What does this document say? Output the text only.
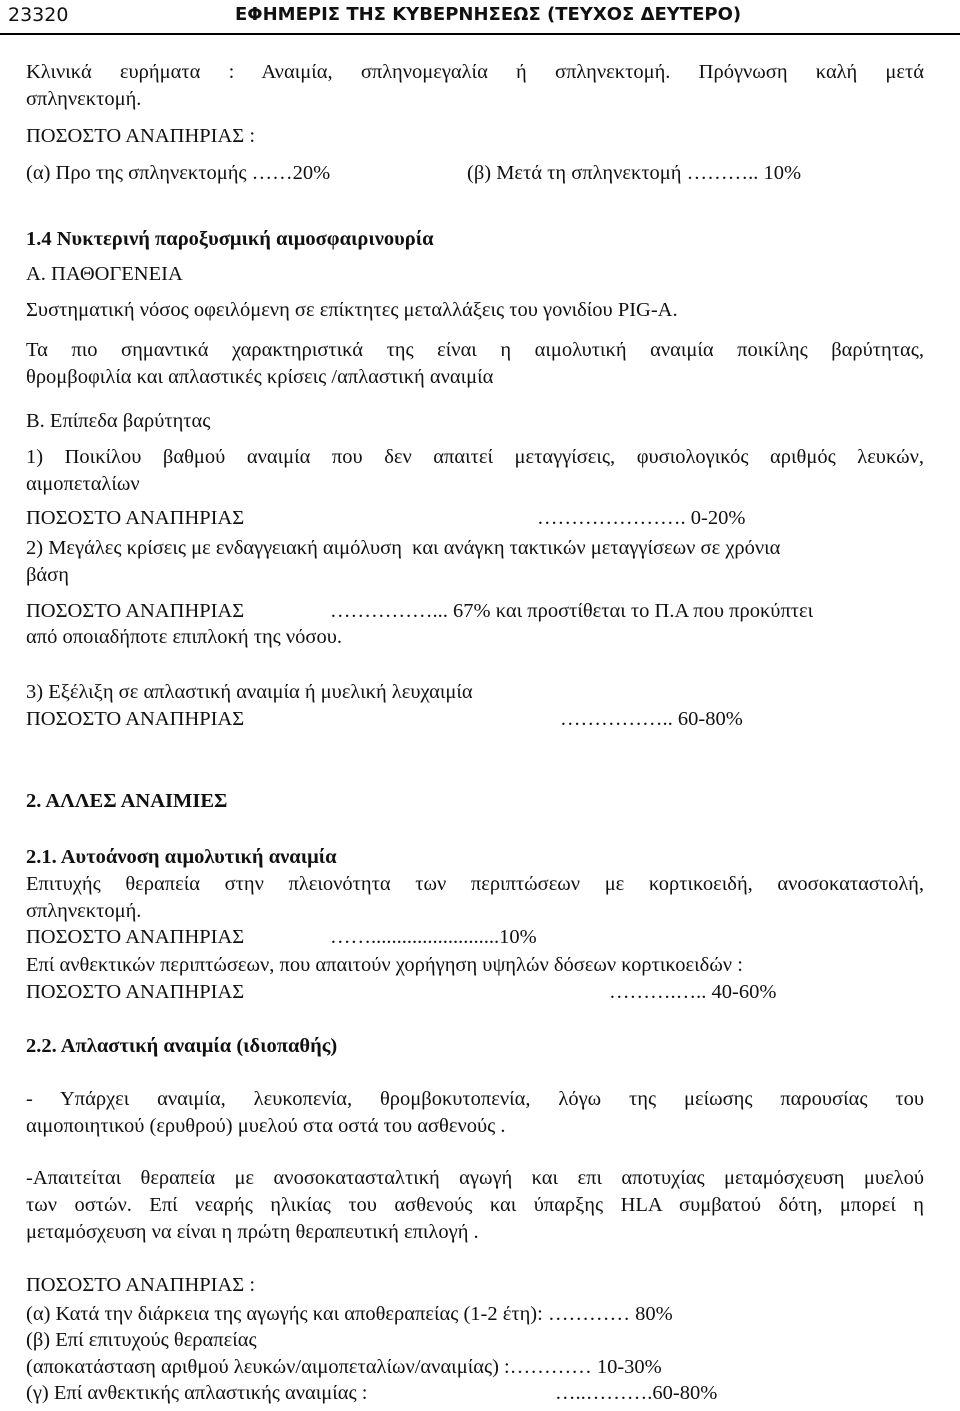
23320	ΕΦΗΜΕΡΙΣ ΤΗΣ ΚΥΒΕΡΝΗΣΕΩΣ (ΤΕΥΧΟΣ ΔΕΥΤΕΡΟ)
Κλινικά ευρήματα : Αναιμία, σπληνομεγαλία ή σπληνεκτομή. Πρόγνωση καλή μετά
σπληνεκτομή.
ΠΟΣΟΣΤΟ ΑΝΑΠΗΡΙΑΣ :
(α) Προ της σπληνεκτομής ……20%	(β) Μετά τη σπληνεκτομή ……….. 10%
1.4 Νυκτερινή παροξυσμική αιμοσφαιρινουρία
Α. ΠΑΘΟΓΕΝΕΙΑ
Συστηματική νόσος οφειλόμενη σε επίκτητες μεταλλάξεις του γονιδίου PIG-A.
Τα πιο σημαντικά χαρακτηριστικά της είναι η αιμολυτική αναιμία ποικίλης βαρύτητας,
θρομβοφιλία και απλαστικές κρίσεις /απλαστική αναιμία
Β. Επίπεδα βαρύτητας
1) Ποικίλου βαθμού αναιμία που δεν απαιτεί μεταγγίσεις, φυσιολογικός αριθμός λευκών,
αιμοπεταλίων
ΠΟΣΟΣΤΟ ΑΝΑΠΗΡΙΑΣ	…………………. 0-20%
2) Μεγάλες κρίσεις με ενδαγγειακή αιμόλυση  και ανάγκη τακτικών μεταγγίσεων σε χρόνια
βάση
ΠΟΣΟΣΤΟ ΑΝΑΠΗΡΙΑΣ	……………... 67% και προστίθεται το Π.Α που προκύπτει
από οποιαδήποτε επιπλοκή της νόσου.
3) Εξέλιξη σε απλαστική αναιμία ή μυελική λευχαιμία
ΠΟΣΟΣΤΟ ΑΝΑΠΗΡΙΑΣ	…………….. 60-80%
2. ΑΛΛΕΣ ΑΝΑΙΜΙΕΣ
2.1. Αυτοάνοση αιμολυτική αναιμία
Επιτυχής θεραπεία στην πλειονότητα των περιπτώσεων με κορτικοειδή, ανοσοκαταστολή,
σπληνεκτομή.
ΠΟΣΟΣΤΟ ΑΝΑΠΗΡΙΑΣ	…….........................10%
Επί ανθεκτικών περιπτώσεων, που απαιτούν χορήγηση υψηλών δόσεων κορτικοειδών :
ΠΟΣΟΣΤΟ ΑΝΑΠΗΡΙΑΣ	……….….. 40-60%
2.2. Απλαστική αναιμία (ιδιοπαθής)
- Υπάρχει αναιμία, λευκοπενία, θρομβοκυτοπενία, λόγω της μείωσης παρουσίας του
αιμοποιητικού (ερυθρού) μυελού στα οστά του ασθενούς .
-Απαιτείται θεραπεία με ανοσοκατασταλτική αγωγή και επι αποτυχίας μεταμόσχευση μυελού
των οστών. Επί νεαρής ηλικίας του ασθενούς και ύπαρξης HLA συμβατού δότη, μπορεί η
μεταμόσχευση να είναι η πρώτη θεραπευτική επιλογή .
ΠΟΣΟΣΤΟ ΑΝΑΠΗΡΙΑΣ :
(α) Κατά την διάρκεια της αγωγής και αποθεραπείας (1-2 έτη): ………… 80%
(β) Επί επιτυχούς θεραπείας
(αποκατάσταση αριθμού λευκών/αιμοπεταλίων/αναιμίας) :………… 10-30%
(γ) Επί ανθεκτικής απλαστικής αναιμίας :	…..……….60-80%
